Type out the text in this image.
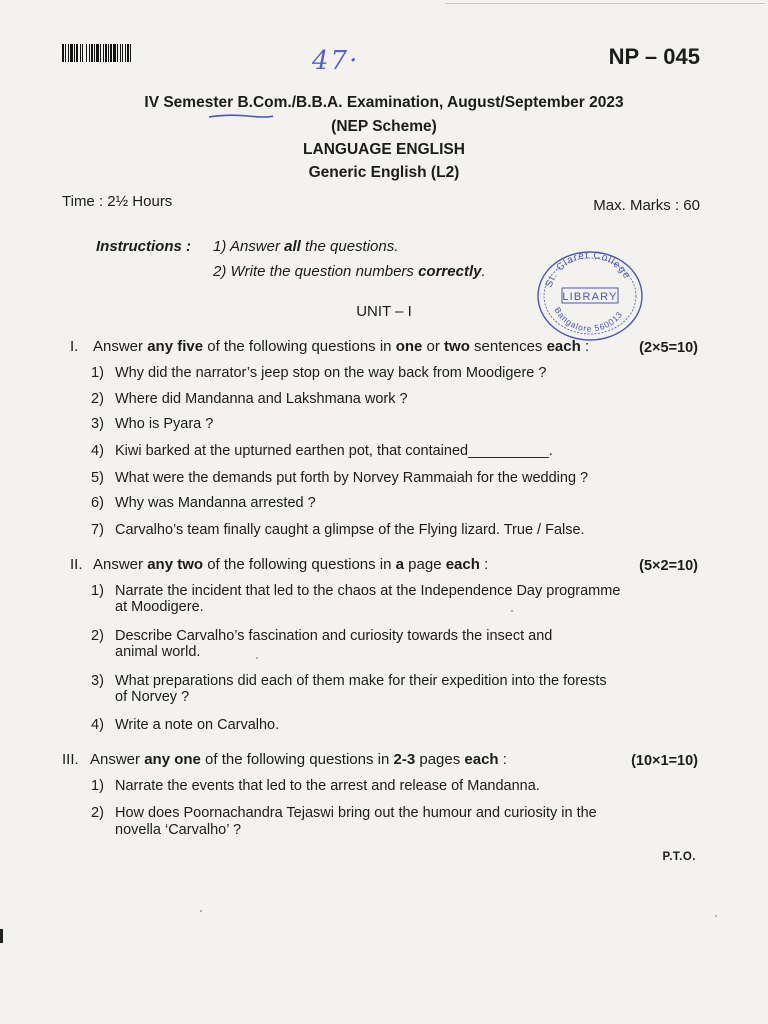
47·	NP – 045
IV Semester B.Com./B.B.A. Examination, August/September 2023
(NEP Scheme)
LANGUAGE ENGLISH
Generic English (L2)
Time : 2½ Hours	Max. Marks : 60
Instructions : 1) Answer all the questions.
2) Write the question numbers correctly.
St. Claret College
LIBRARY
Bangalore 560013
UNIT – I
I. Answer any five of the following questions in one or two sentences each :	(2×5=10)
1) Why did the narrator’s jeep stop on the way back from Moodigere ?
2) Where did Mandanna and Lakshmana work ?
3) Who is Pyara ?
4) Kiwi barked at the upturned earthen pot, that contained__________.
5) What were the demands put forth by Norvey Rammaiah for the wedding ?
6) Why was Mandanna arrested ?
7) Carvalho’s team finally caught a glimpse of the Flying lizard. True / False.
II. Answer any two of the following questions in a page each :	(5×2=10)
1) Narrate the incident that led to the chaos at the Independence Day programme
at Moodigere.
2) Describe Carvalho’s fascination and curiosity towards the insect and
animal world.
3) What preparations did each of them make for their expedition into the forests
of Norvey ?
4) Write a note on Carvalho.
III. Answer any one of the following questions in 2-3 pages each :	(10×1=10)
1) Narrate the events that led to the arrest and release of Mandanna.
2) How does Poornachandra Tejaswi bring out the humour and curiosity in the
novella ‘Carvalho’ ?
P.T.O.
